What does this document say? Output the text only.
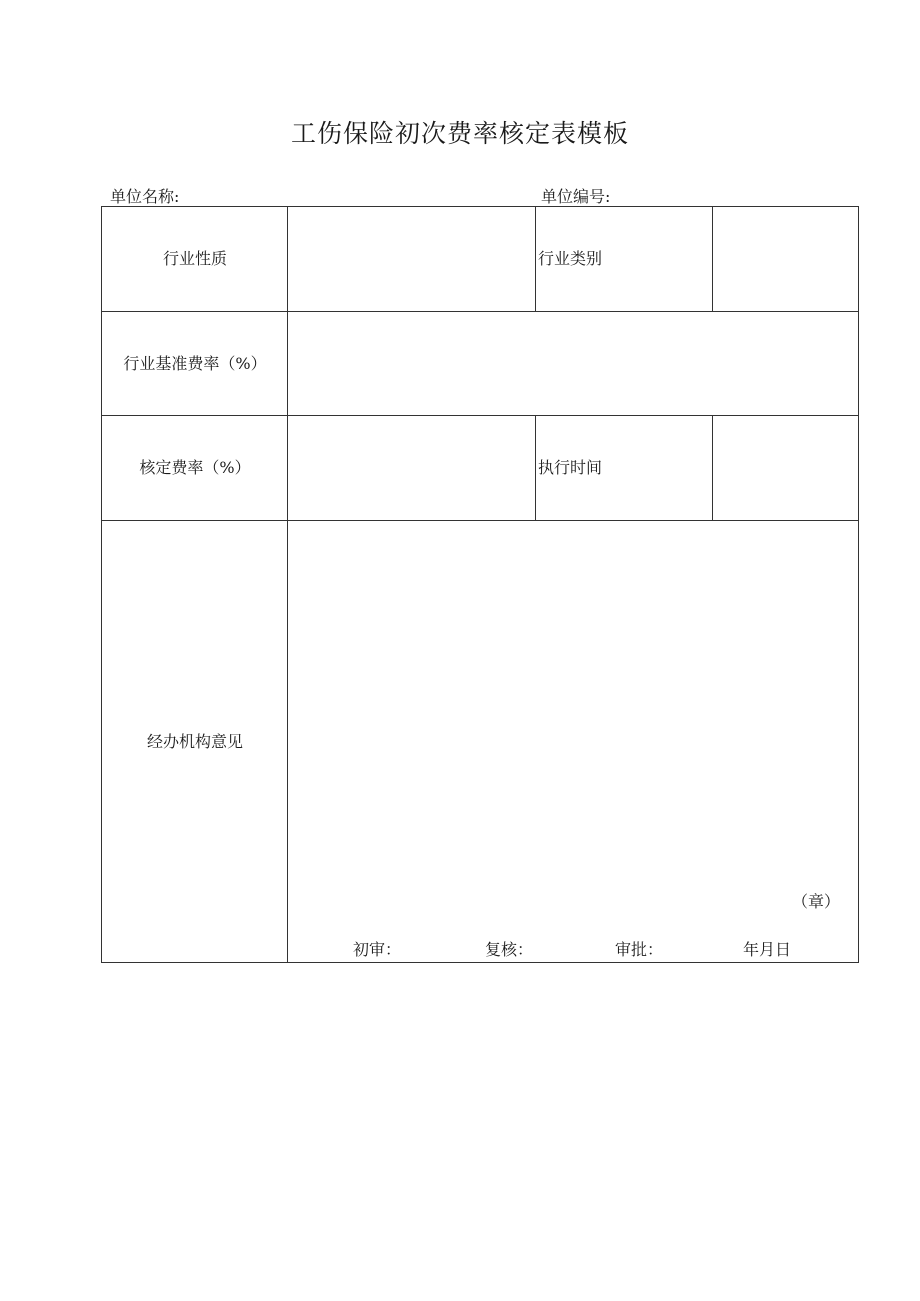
工伤保险初次费率核定表模板
单位名称:	单位编号:
行业性质	行业类别
行业基准费率（%）
核定费率（%）	执行时间
经办机构意见
（章）
初审：	复核：	审批：	年月日
